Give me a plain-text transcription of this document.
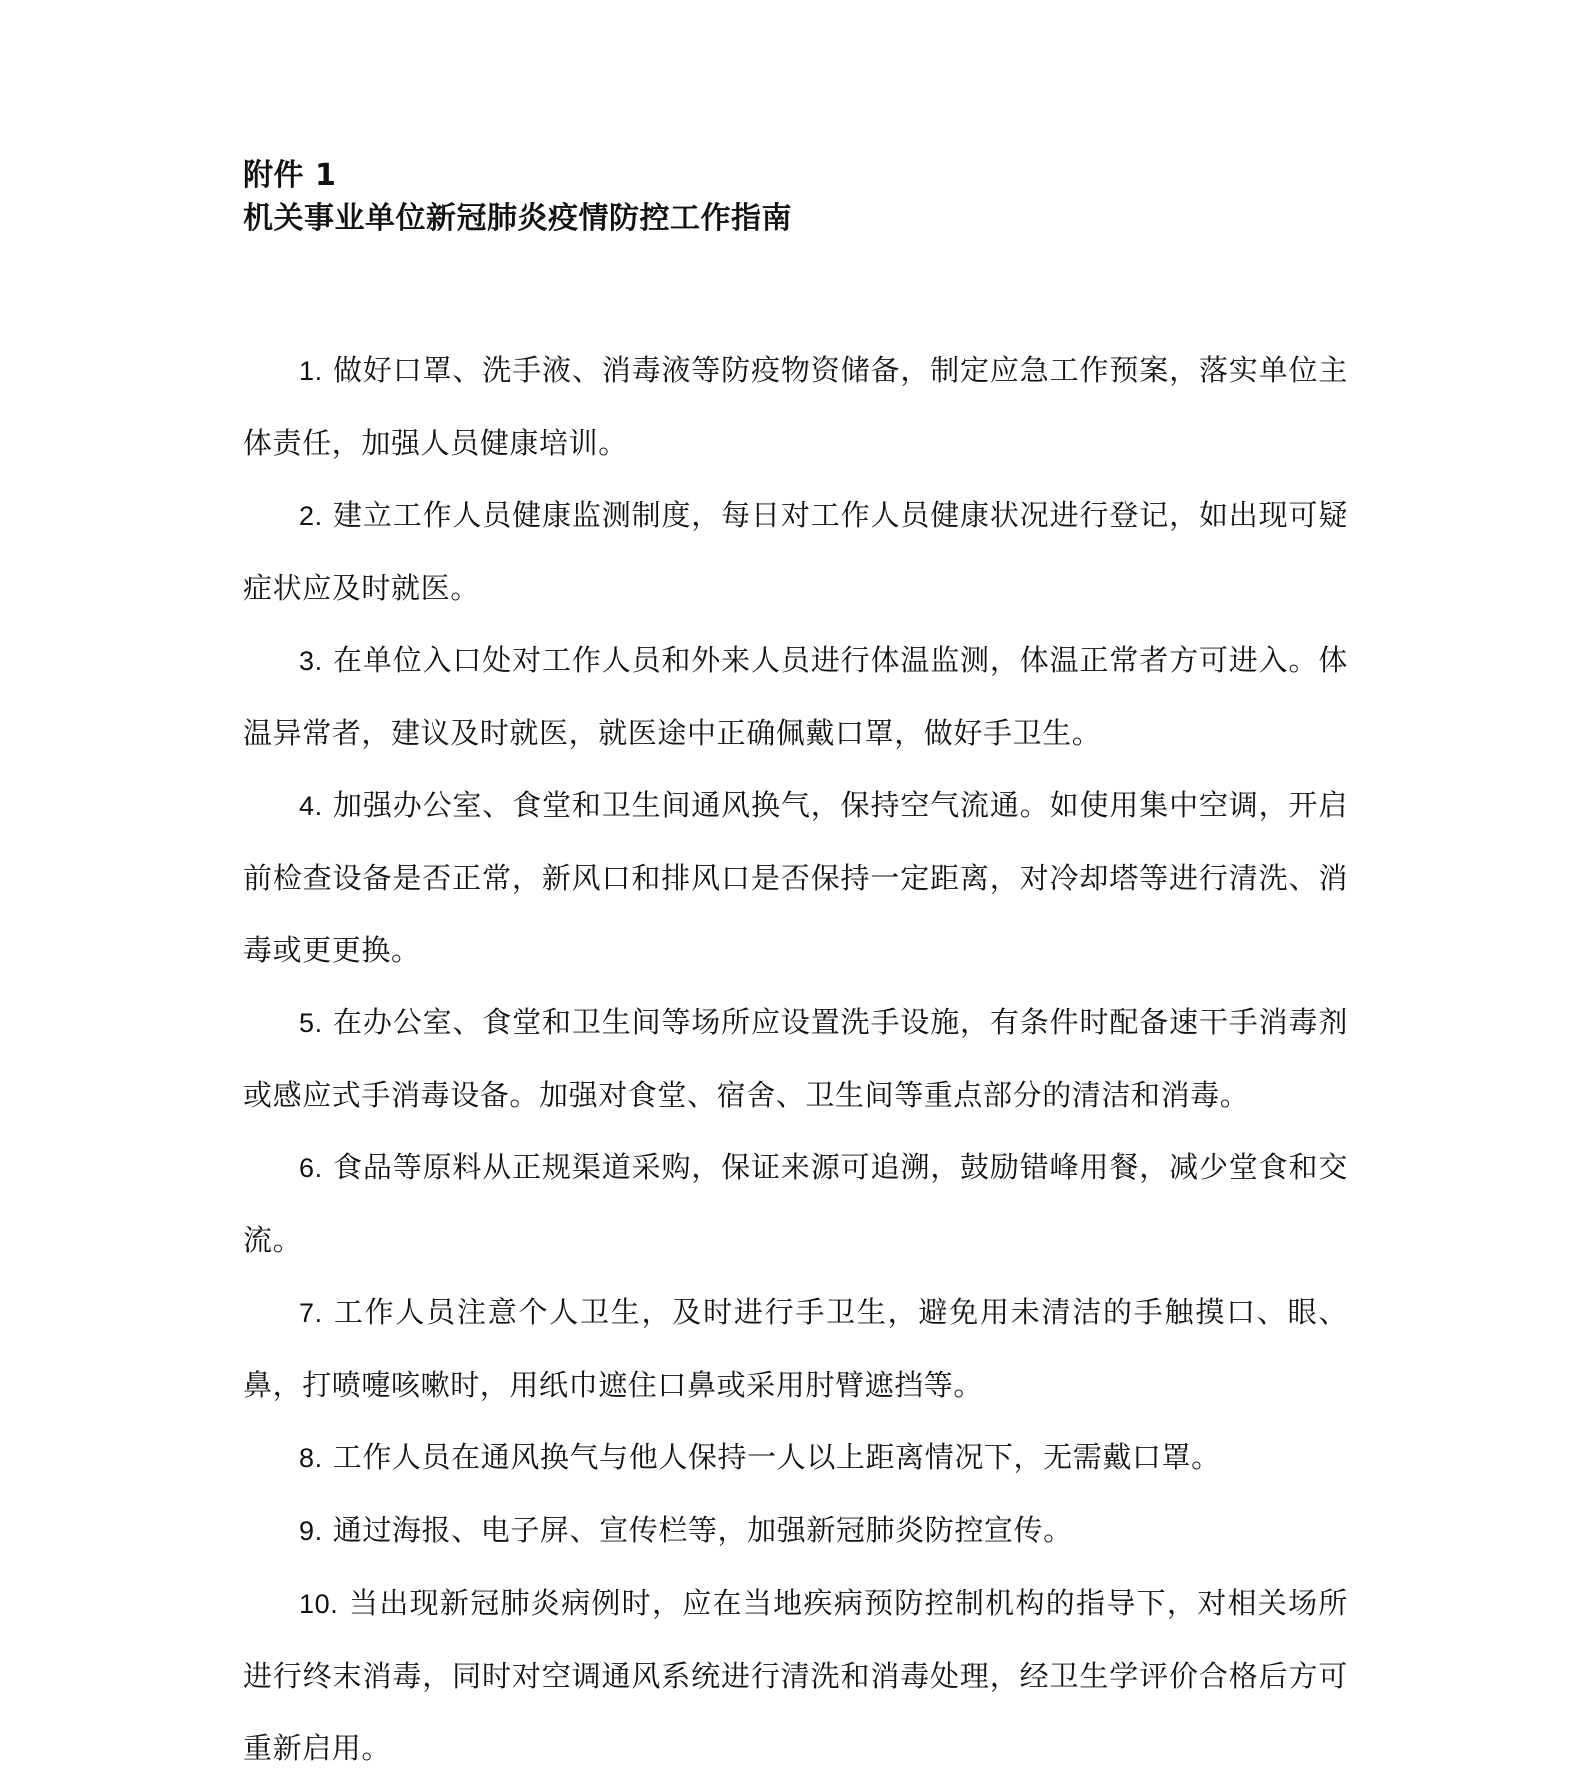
附件 1
机关事业单位新冠肺炎疫情防控工作指南

1. 做好口罩、洗手液、消毒液等防疫物资储备，制定应急工作预案，落实单位主体责任，加强人员健康培训。

2. 建立工作人员健康监测制度，每日对工作人员健康状况进行登记，如出现可疑症状应及时就医。

3. 在单位入口处对工作人员和外来人员进行体温监测，体温正常者方可进入。体温异常者，建议及时就医，就医途中正确佩戴口罩，做好手卫生。

4. 加强办公室、食堂和卫生间通风换气，保持空气流通。如使用集中空调，开启前检查设备是否正常，新风口和排风口是否保持一定距离，对冷却塔等进行清洗、消毒或更更换。

5. 在办公室、食堂和卫生间等场所应设置洗手设施，有条件时配备速干手消毒剂或感应式手消毒设备。加强对食堂、宿舍、卫生间等重点部分的清洁和消毒。

6. 食品等原料从正规渠道采购，保证来源可追溯，鼓励错峰用餐，减少堂食和交流。

7. 工作人员注意个人卫生，及时进行手卫生，避免用未清洁的手触摸口、眼、鼻，打喷嚏咳嗽时，用纸巾遮住口鼻或采用肘臂遮挡等。

8. 工作人员在通风换气与他人保持一人以上距离情况下，无需戴口罩。

9. 通过海报、电子屏、宣传栏等，加强新冠肺炎防控宣传。

10. 当出现新冠肺炎病例时，应在当地疾病预防控制机构的指导下，对相关场所进行终末消毒，同时对空调通风系统进行清洗和消毒处理，经卫生学评价合格后方可重新启用。
